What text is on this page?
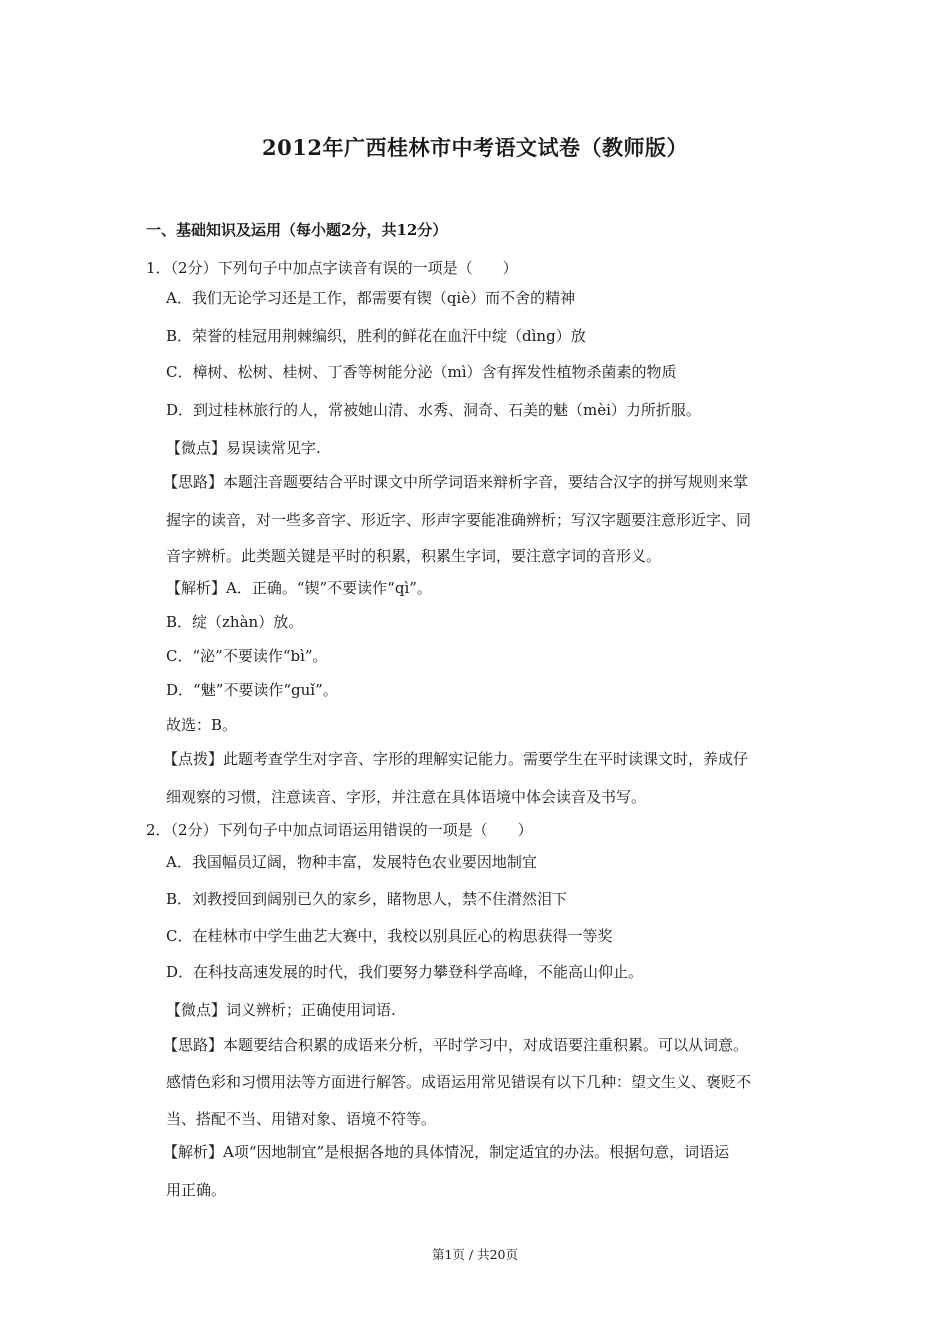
2012年广西桂林市中考语文试卷（教师版）
一、基础知识及运用（每小题2分，共12分）
1．（2分）下列句子中加点字读音有误的一项是（　　）
A．我们无论学习还是工作，都需要有锲（qiè）而不舍的精神
B．荣誉的桂冠用荆棘编织，胜利的鲜花在血汗中绽（dìng）放
C．樟树、松树、桂树、丁香等树能分泌（mì）含有挥发性植物杀菌素的物质
D．到过桂林旅行的人，常被她山清、水秀、洞奇、石美的魅（mèi）力所折服。
【微点】易误读常见字.
【思路】本题注音题要结合平时课文中所学词语来辩析字音，要结合汉字的拼写规则来掌
握字的读音，对一些多音字、形近字、形声字要能准确辨析；写汉字题要注意形近字、同
音字辨析。此类题关键是平时的积累，积累生字词，要注意字词的音形义。
【解析】A．正确。“锲”不要读作“qì”。
B．绽（zhàn）放。
C．“泌”不要读作“bì”。
D．“魅”不要读作“guǐ”。
故选：B。
【点拨】此题考查学生对字音、字形的理解实记能力。需要学生在平时读课文时，养成仔
细观察的习惯，注意读音、字形，并注意在具体语境中体会读音及书写。
2．（2分）下列句子中加点词语运用错误的一项是（　　）
A．我国幅员辽阔，物种丰富，发展特色农业要因地制宜
B．刘教授回到阔别已久的家乡，睹物思人，禁不住潸然泪下
C．在桂林市中学生曲艺大赛中，我校以别具匠心的构思获得一等奖
D．在科技高速发展的时代，我们要努力攀登科学高峰，不能高山仰止。
【微点】词义辨析；正确使用词语.
【思路】本题要结合积累的成语来分析，平时学习中，对成语要注重积累。可以从词意。
感情色彩和习惯用法等方面进行解答。成语运用常见错误有以下几种：望文生义、褒贬不
当、搭配不当、用错对象、语境不符等。
【解析】A项“因地制宜”是根据各地的具体情况，制定适宜的办法。根据句意，词语运
用正确。
第1页 / 共20页
